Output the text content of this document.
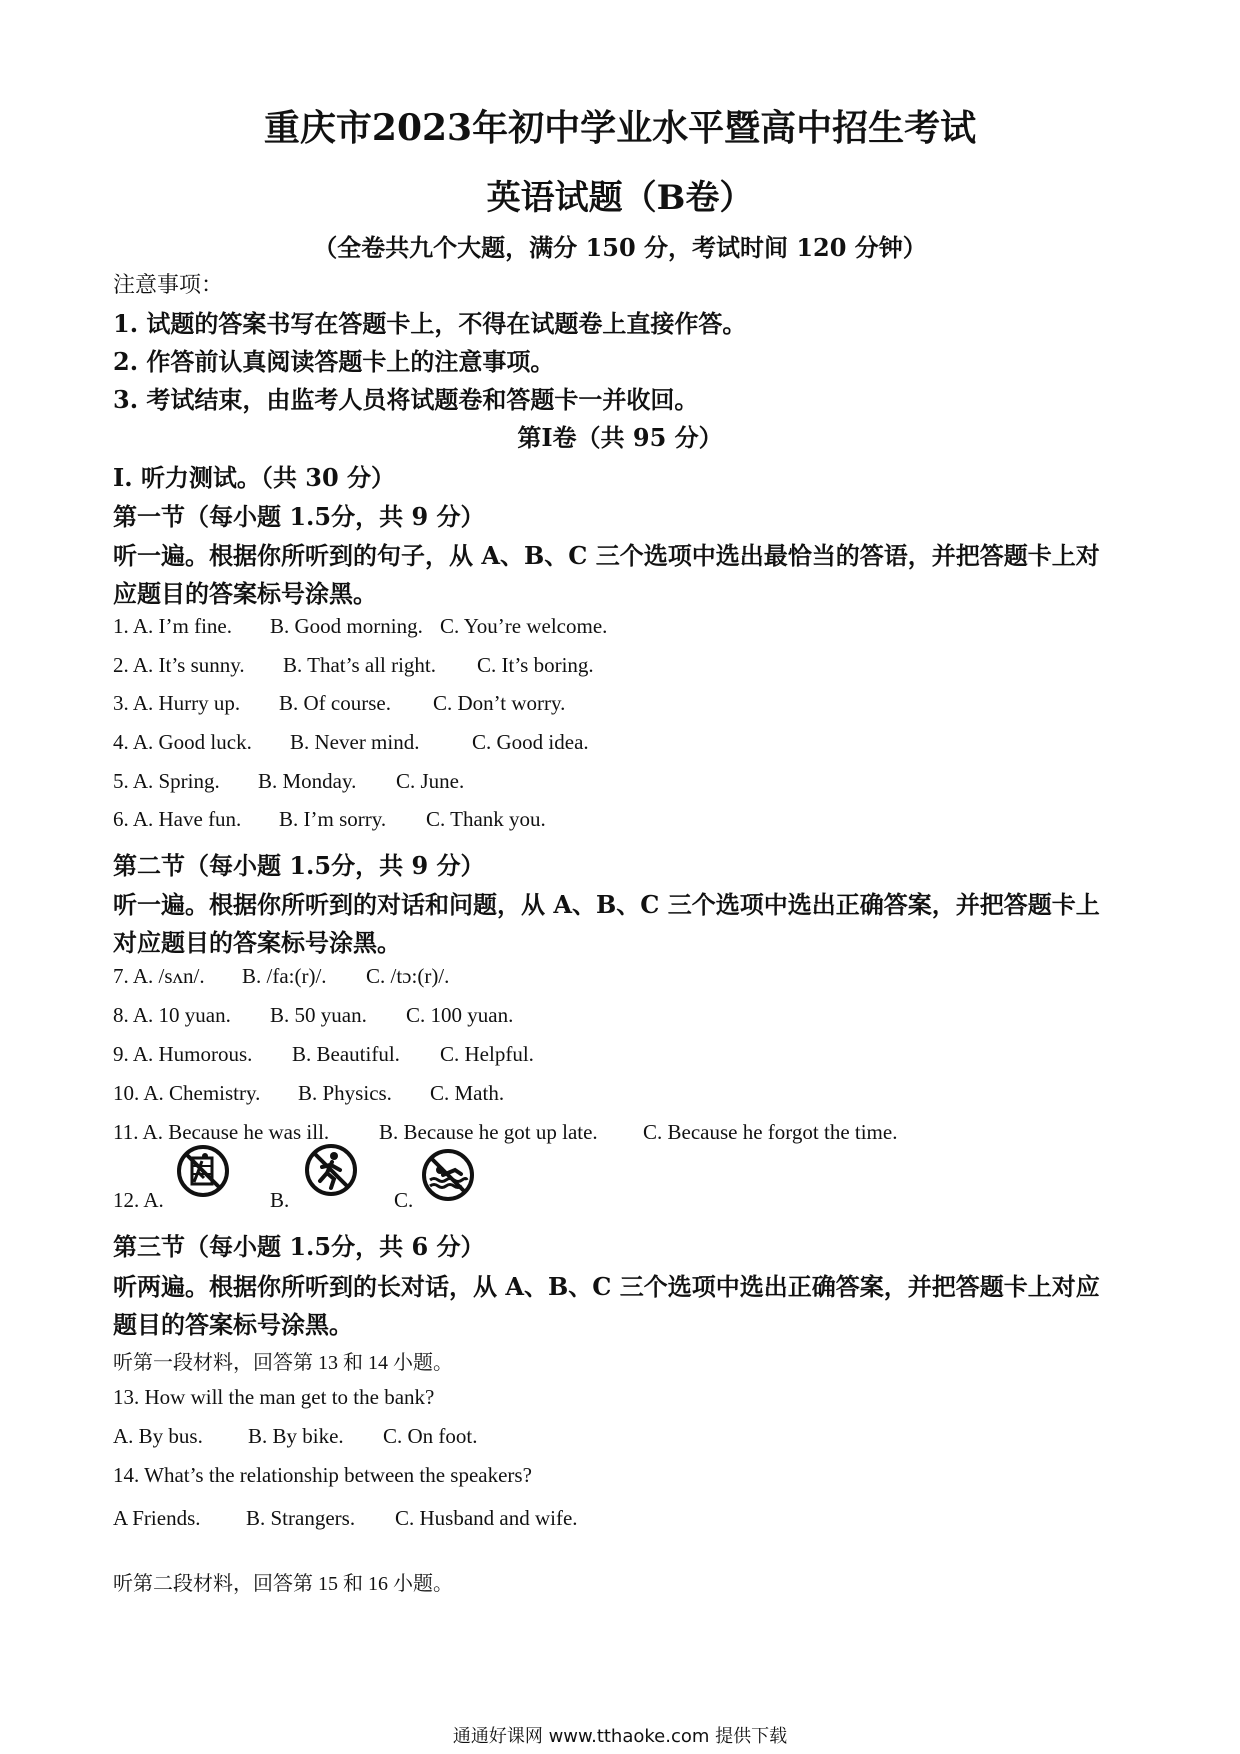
重庆市2023年初中学业水平暨高中招生考试
英语试题（B卷）
（全卷共九个大题，满分 150 分，考试时间 120 分钟）
注意事项：
1. 试题的答案书写在答题卡上，不得在试题卷上直接作答。
2. 作答前认真阅读答题卡上的注意事项。
3. 考试结束，由监考人员将试题卷和答题卡一并收回。
第Ⅰ卷（共 95 分）
Ⅰ. 听力测试。（共 30 分）
第一节（每小题 1.5分，共 9 分）
听一遍。根据你所听到的句子，从 A、B、C 三个选项中选出最恰当的答语，并把答题卡上对
应题目的答案标号涂黑。
1. A. I’m fine. B. Good morning. C. You’re welcome.
2. A. It’s sunny. B. That’s all right. C. It’s boring.
3. A. Hurry up. B. Of course. C. Don’t worry.
4. A. Good luck. B. Never mind.	C. Good idea.
5. A. Spring. B. Monday. C. June.
6. A. Have fun. B. I’m sorry. C. Thank you.
第二节（每小题 1.5分，共 9 分）
听一遍。根据你所听到的对话和问题，从 A、B、C 三个选项中选出正确答案，并把答题卡上
对应题目的答案标号涂黑。
7. A. /sʌn/. B. /fa:(r)/. C. /tɔ:(r)/.
8. A. 10 yuan. B. 50 yuan. C. 100 yuan.
9. A. Humorous. B. Beautiful. C. Helpful.
10. A. Chemistry. B. Physics. C. Math.
11. A. Because he was ill. B. Because he got up late. C. Because he forgot the time.
12. A.	B.	C.
第三节（每小题 1.5分，共 6 分）
听两遍。根据你所听到的长对话，从 A、B、C 三个选项中选出正确答案，并把答题卡上对应
题目的答案标号涂黑。
听第一段材料，回答第 13 和 14 小题。
13. How will the man get to the bank?
A. By bus. B. By bike. C. On foot.
14. What’s the relationship between the speakers?
A Friends. B. Strangers. C. Husband and wife.
听第二段材料，回答第 15 和 16 小题。
通通好课网 www.tthaoke.com 提供下载
